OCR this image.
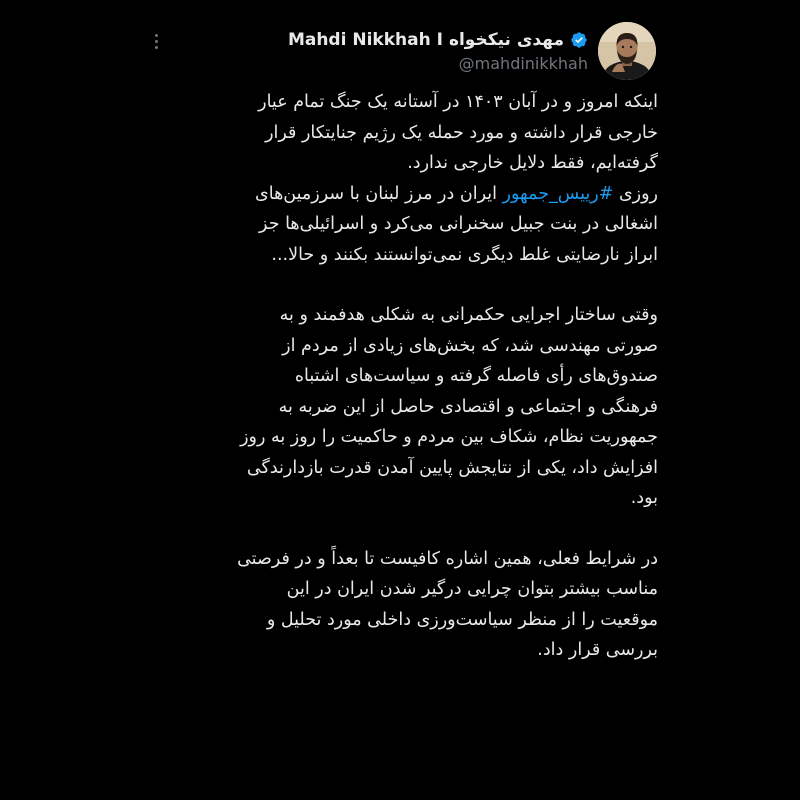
Mahdi Nikkhah I مهدی نیکخواه
@mahdinikkhah

اینکه امروز و در آبان ۱۴۰۳ در آستانه یک جنگ تمام عیار

خارجی قرار داشته و مورد حمله یک رژیم جنایتکار قرار

گرفته‌ایم، فقط دلایل خارجی ندارد.

روزی #رییس_جمهور ایران در مرز لبنان با سرزمین‌های

اشغالی در بنت جبیل سخنرانی می‌کرد و اسرائیلی‌ها جز

ابراز نارضایتی غلط دیگری نمی‌توانستند بکنند و حالا...

وقتی ساختار اجرایی حکمرانی به شکلی هدفمند و به

صورتی مهندسی شد، که بخش‌های زیادی از مردم از

صندوق‌های رأی فاصله گرفته و سیاست‌های اشتباه

فرهنگی و اجتماعی و اقتصادی حاصل از این ضربه به

جمهوریت نظام، شکاف بین مردم و حاکمیت را روز به روز

افزایش داد، یکی از نتایجش پایین آمدن قدرت بازدارندگی

بود.

در شرایط فعلی، همین اشاره کافیست تا بعداً و در فرصتی

مناسب بیشتر بتوان چرایی درگیر شدن ایران در این

موقعیت را از منظر سیاست‌ورزی داخلی مورد تحلیل و

بررسی قرار داد.
